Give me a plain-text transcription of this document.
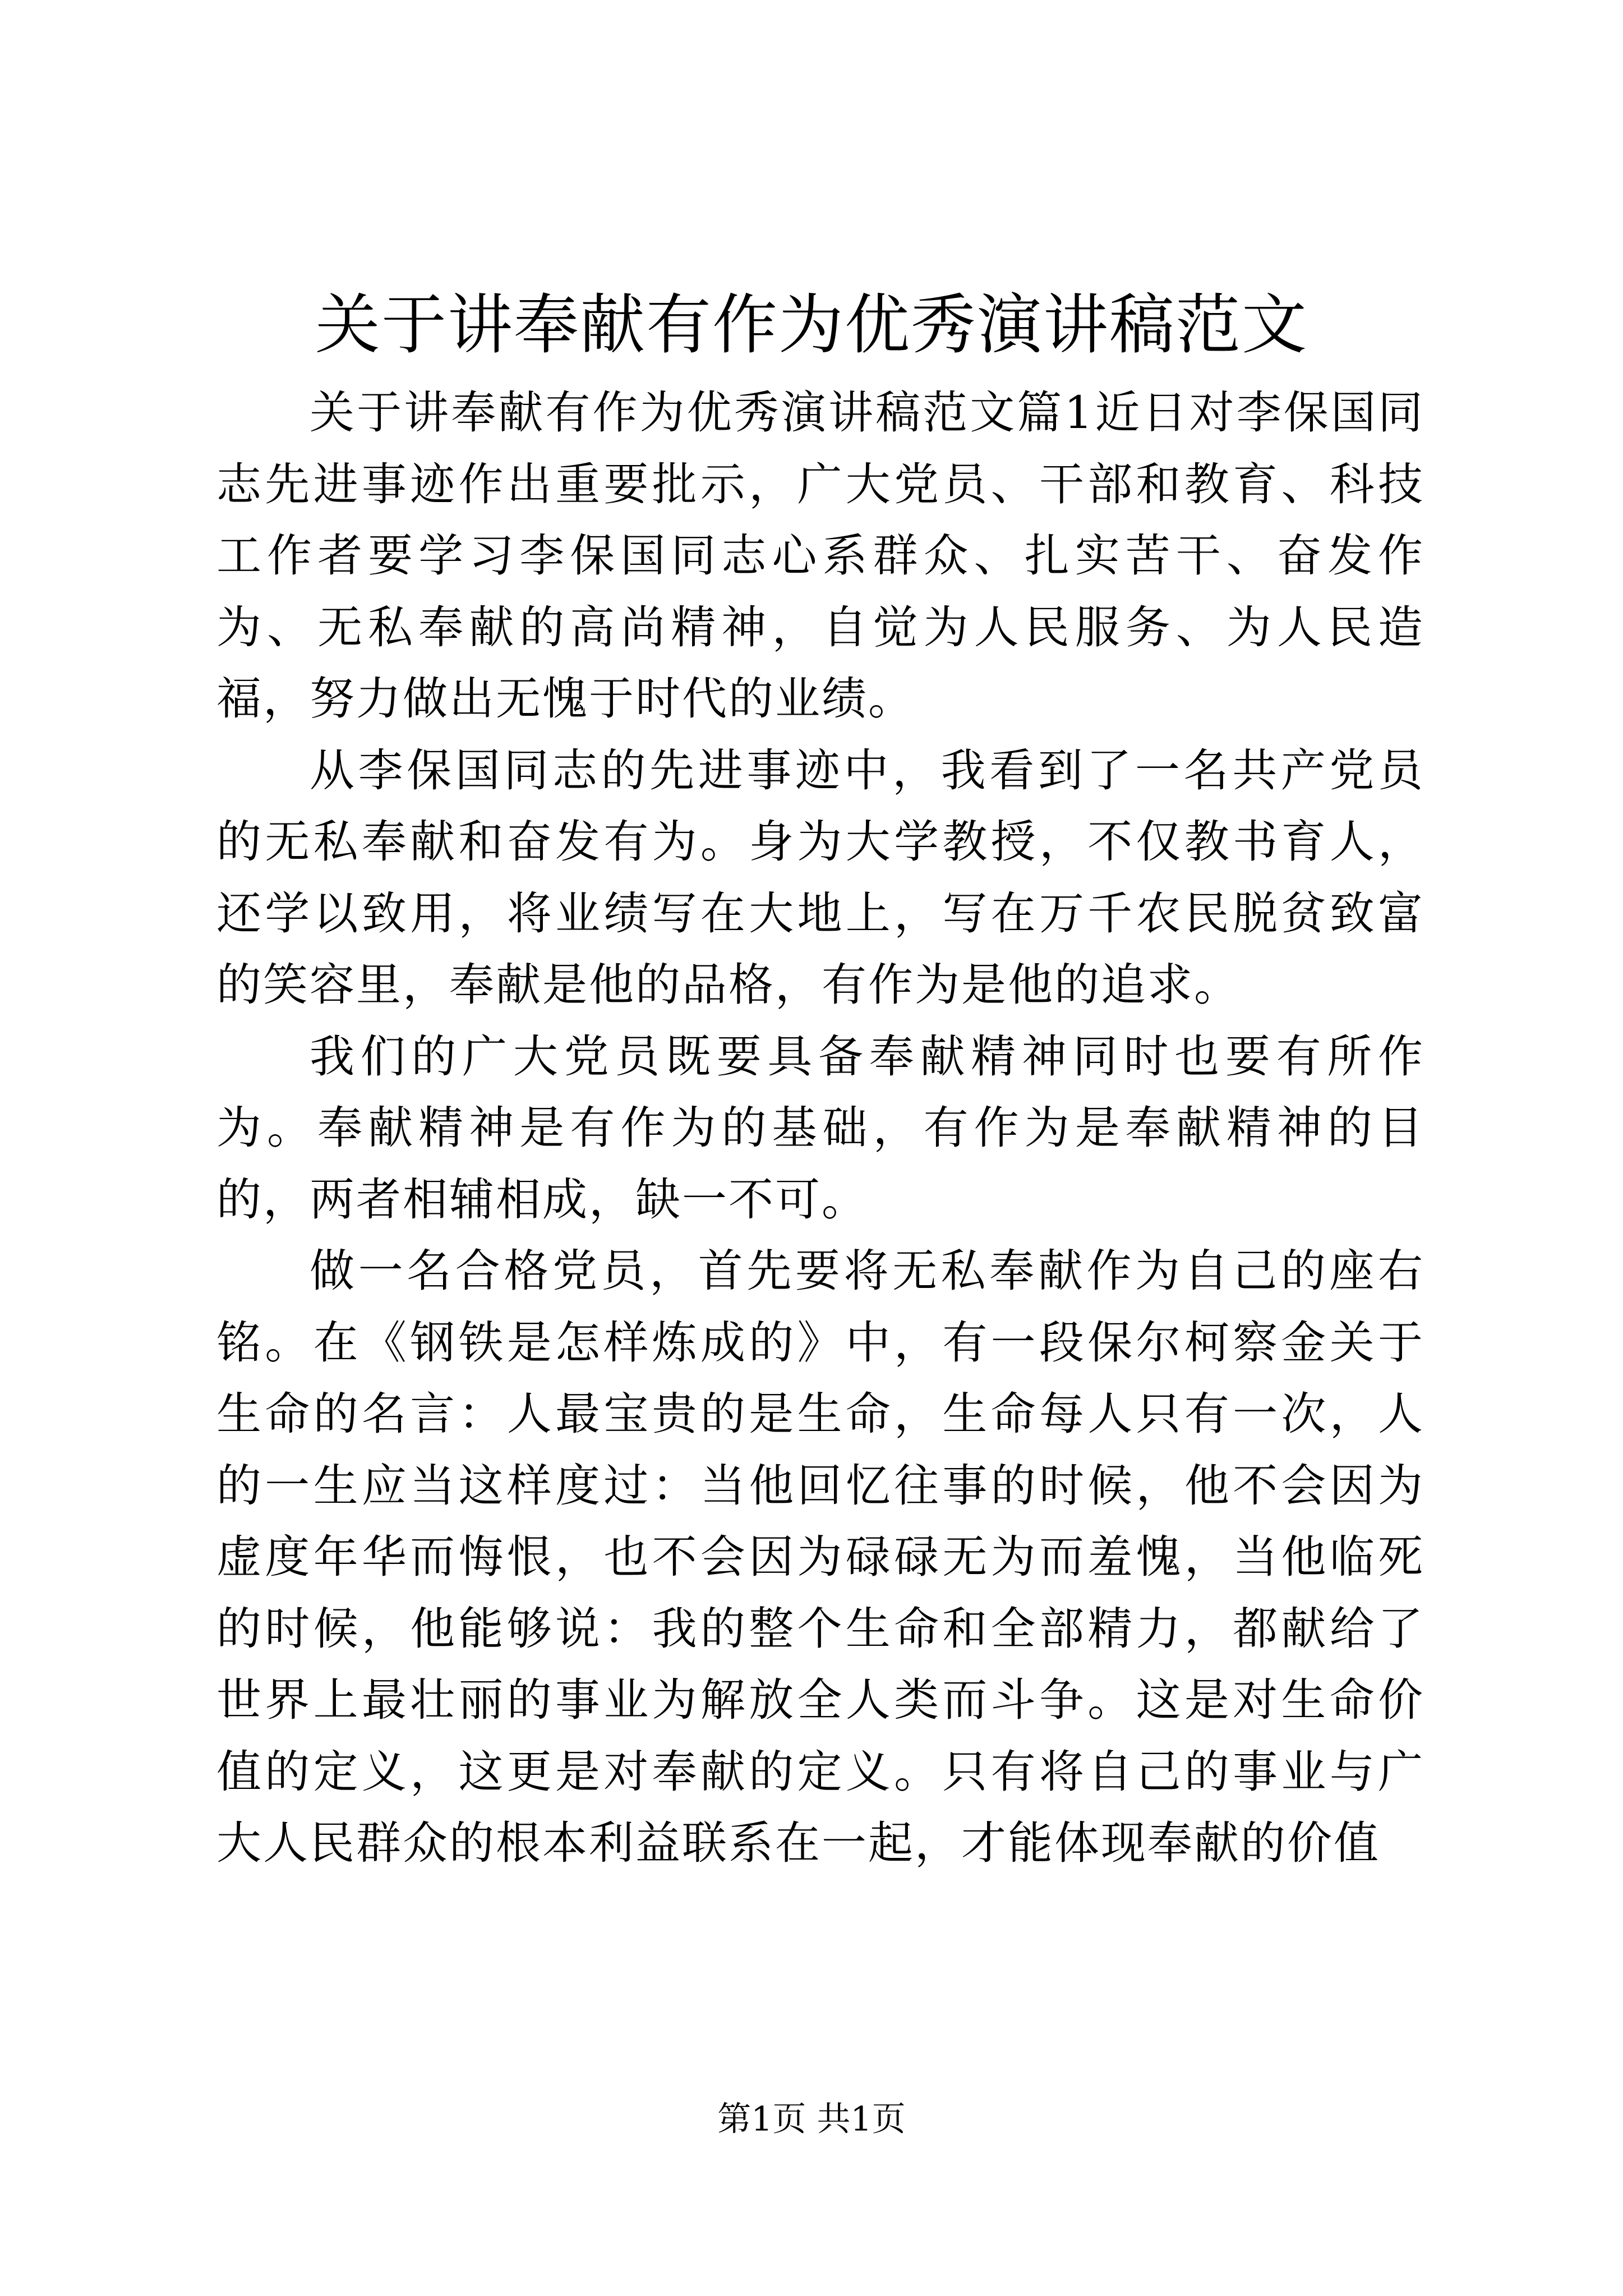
关于讲奉献有作为优秀演讲稿范文

关于讲奉献有作为优秀演讲稿范文篇1近日对李保国同志先进事迹作出重要批示，广大党员、干部和教育、科技工作者要学习李保国同志心系群众、扎实苦干、奋发作为、无私奉献的高尚精神，自觉为人民服务、为人民造福，努力做出无愧于时代的业绩。

从李保国同志的先进事迹中，我看到了一名共产党员的无私奉献和奋发有为。身为大学教授，不仅教书育人，还学以致用，将业绩写在大地上，写在万千农民脱贫致富的笑容里，奉献是他的品格，有作为是他的追求。

我们的广大党员既要具备奉献精神同时也要有所作为。奉献精神是有作为的基础，有作为是奉献精神的目的，两者相辅相成，缺一不可。

做一名合格党员，首先要将无私奉献作为自己的座右铭。在《钢铁是怎样炼成的》中，有一段保尔柯察金关于生命的名言：人最宝贵的是生命，生命每人只有一次，人的一生应当这样度过：当他回忆往事的时候，他不会因为虚度年华而悔恨，也不会因为碌碌无为而羞愧，当他临死的时候，他能够说：我的整个生命和全部精力，都献给了世界上最壮丽的事业为解放全人类而斗争。这是对生命价值的定义，这更是对奉献的定义。只有将自己的事业与广大人民群众的根本利益联系在一起，才能体现奉献的价值

第1页 共1页
